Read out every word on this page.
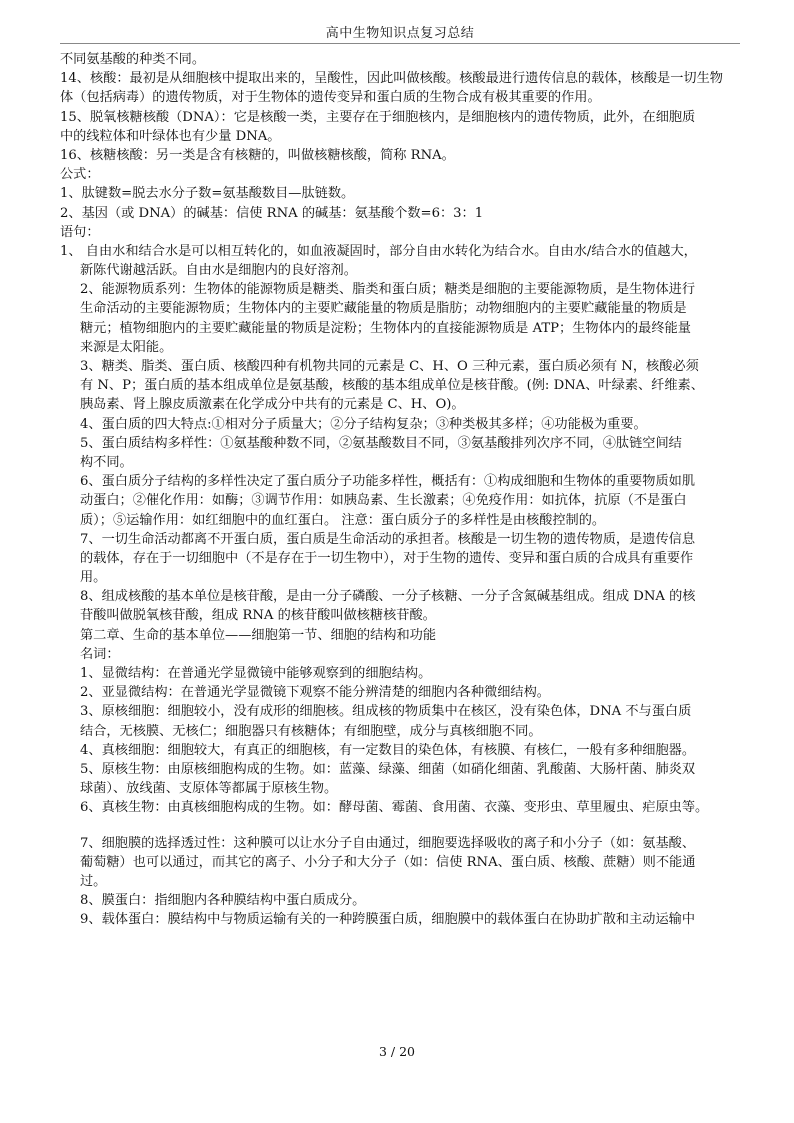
高中生物知识点复习总结
不同氨基酸的种类不同。
14、核酸：最初是从细胞核中提取出来的，呈酸性，因此叫做核酸。核酸最进行遗传信息的载体，核酸是一切生物
体（包括病毒）的遗传物质，对于生物体的遗传变异和蛋白质的生物合成有极其重要的作用。
15、脱氧核糖核酸（DNA）：它是核酸一类，主要存在于细胞核内，是细胞核内的遗传物质，此外，在细胞质
中的线粒体和叶绿体也有少量 DNA。
16、核糖核酸：另一类是含有核糖的，叫做核糖核酸，简称 RNA。
公式：
1、肽键数=脱去水分子数=氨基酸数目—肽链数。
2、基因（或 DNA）的碱基：信使 RNA 的碱基：氨基酸个数=6：3：1
语句：
1、 自由水和结合水是可以相互转化的，如血液凝固时，部分自由水转化为结合水。自由水/结合水的值越大，
新陈代谢越活跃。自由水是细胞内的良好溶剂。
2、能源物质系列：生物体的能源物质是糖类、脂类和蛋白质；糖类是细胞的主要能源物质，是生物体进行
生命活动的主要能源物质；生物体内的主要贮藏能量的物质是脂肪；动物细胞内的主要贮藏能量的物质是
糖元；植物细胞内的主要贮藏能量的物质是淀粉；生物体内的直接能源物质是 ATP；生物体内的最终能量
来源是太阳能。
3、糖类、脂类、蛋白质、核酸四种有机物共同的元素是 C、H、O 三种元素，蛋白质必须有 N，核酸必须
有 N、P；蛋白质的基本组成单位是氨基酸，核酸的基本组成单位是核苷酸。(例: DNA、叶绿素、纤维素、
胰岛素、肾上腺皮质激素在化学成分中共有的元素是 C、H、O)。
4、蛋白质的四大特点:①相对分子质量大；②分子结构复杂；③种类极其多样；④功能极为重要。
5、蛋白质结构多样性：①氨基酸种数不同，②氨基酸数目不同，③氨基酸排列次序不同，④肽链空间结
构不同。
6、蛋白质分子结构的多样性决定了蛋白质分子功能多样性，概括有：①构成细胞和生物体的重要物质如肌
动蛋白；②催化作用：如酶；③调节作用：如胰岛素、生长激素；④免疫作用：如抗体，抗原（不是蛋白
质）；⑤运输作用：如红细胞中的血红蛋白。 注意：蛋白质分子的多样性是由核酸控制的。
7、一切生命活动都离不开蛋白质，蛋白质是生命活动的承担者。核酸是一切生物的遗传物质，是遗传信息
的载体，存在于一切细胞中（不是存在于一切生物中），对于生物的遗传、变异和蛋白质的合成具有重要作
用。
8、组成核酸的基本单位是核苷酸，是由一分子磷酸、一分子核糖、一分子含氮碱基组成。组成 DNA 的核
苷酸叫做脱氧核苷酸，组成 RNA 的核苷酸叫做核糖核苷酸。
第二章、生命的基本单位——细胞第一节、细胞的结构和功能
名词：
1、显微结构：在普通光学显微镜中能够观察到的细胞结构。
2、亚显微结构：在普通光学显微镜下观察不能分辨清楚的细胞内各种微细结构。
3、原核细胞：细胞较小，没有成形的细胞核。组成核的物质集中在核区，没有染色体，DNA 不与蛋白质
结合，无核膜、无核仁；细胞器只有核糖体；有细胞壁，成分与真核细胞不同。
4、真核细胞：细胞较大，有真正的细胞核，有一定数目的染色体，有核膜、有核仁，一般有多种细胞器。
5、原核生物：由原核细胞构成的生物。如：蓝藻、绿藻、细菌（如硝化细菌、乳酸菌、大肠杆菌、肺炎双
球菌）、放线菌、支原体等都属于原核生物。
6、真核生物：由真核细胞构成的生物。如：酵母菌、霉菌、食用菌、衣藻、变形虫、草里履虫、疟原虫等。
7、细胞膜的选择透过性：这种膜可以让水分子自由通过，细胞要选择吸收的离子和小分子（如：氨基酸、
葡萄糖）也可以通过，而其它的离子、小分子和大分子（如：信使 RNA、蛋白质、核酸、蔗糖）则不能通
过。
8、膜蛋白：指细胞内各种膜结构中蛋白质成分。
9、载体蛋白：膜结构中与物质运输有关的一种跨膜蛋白质，细胞膜中的载体蛋白在协助扩散和主动运输中
3 / 20
